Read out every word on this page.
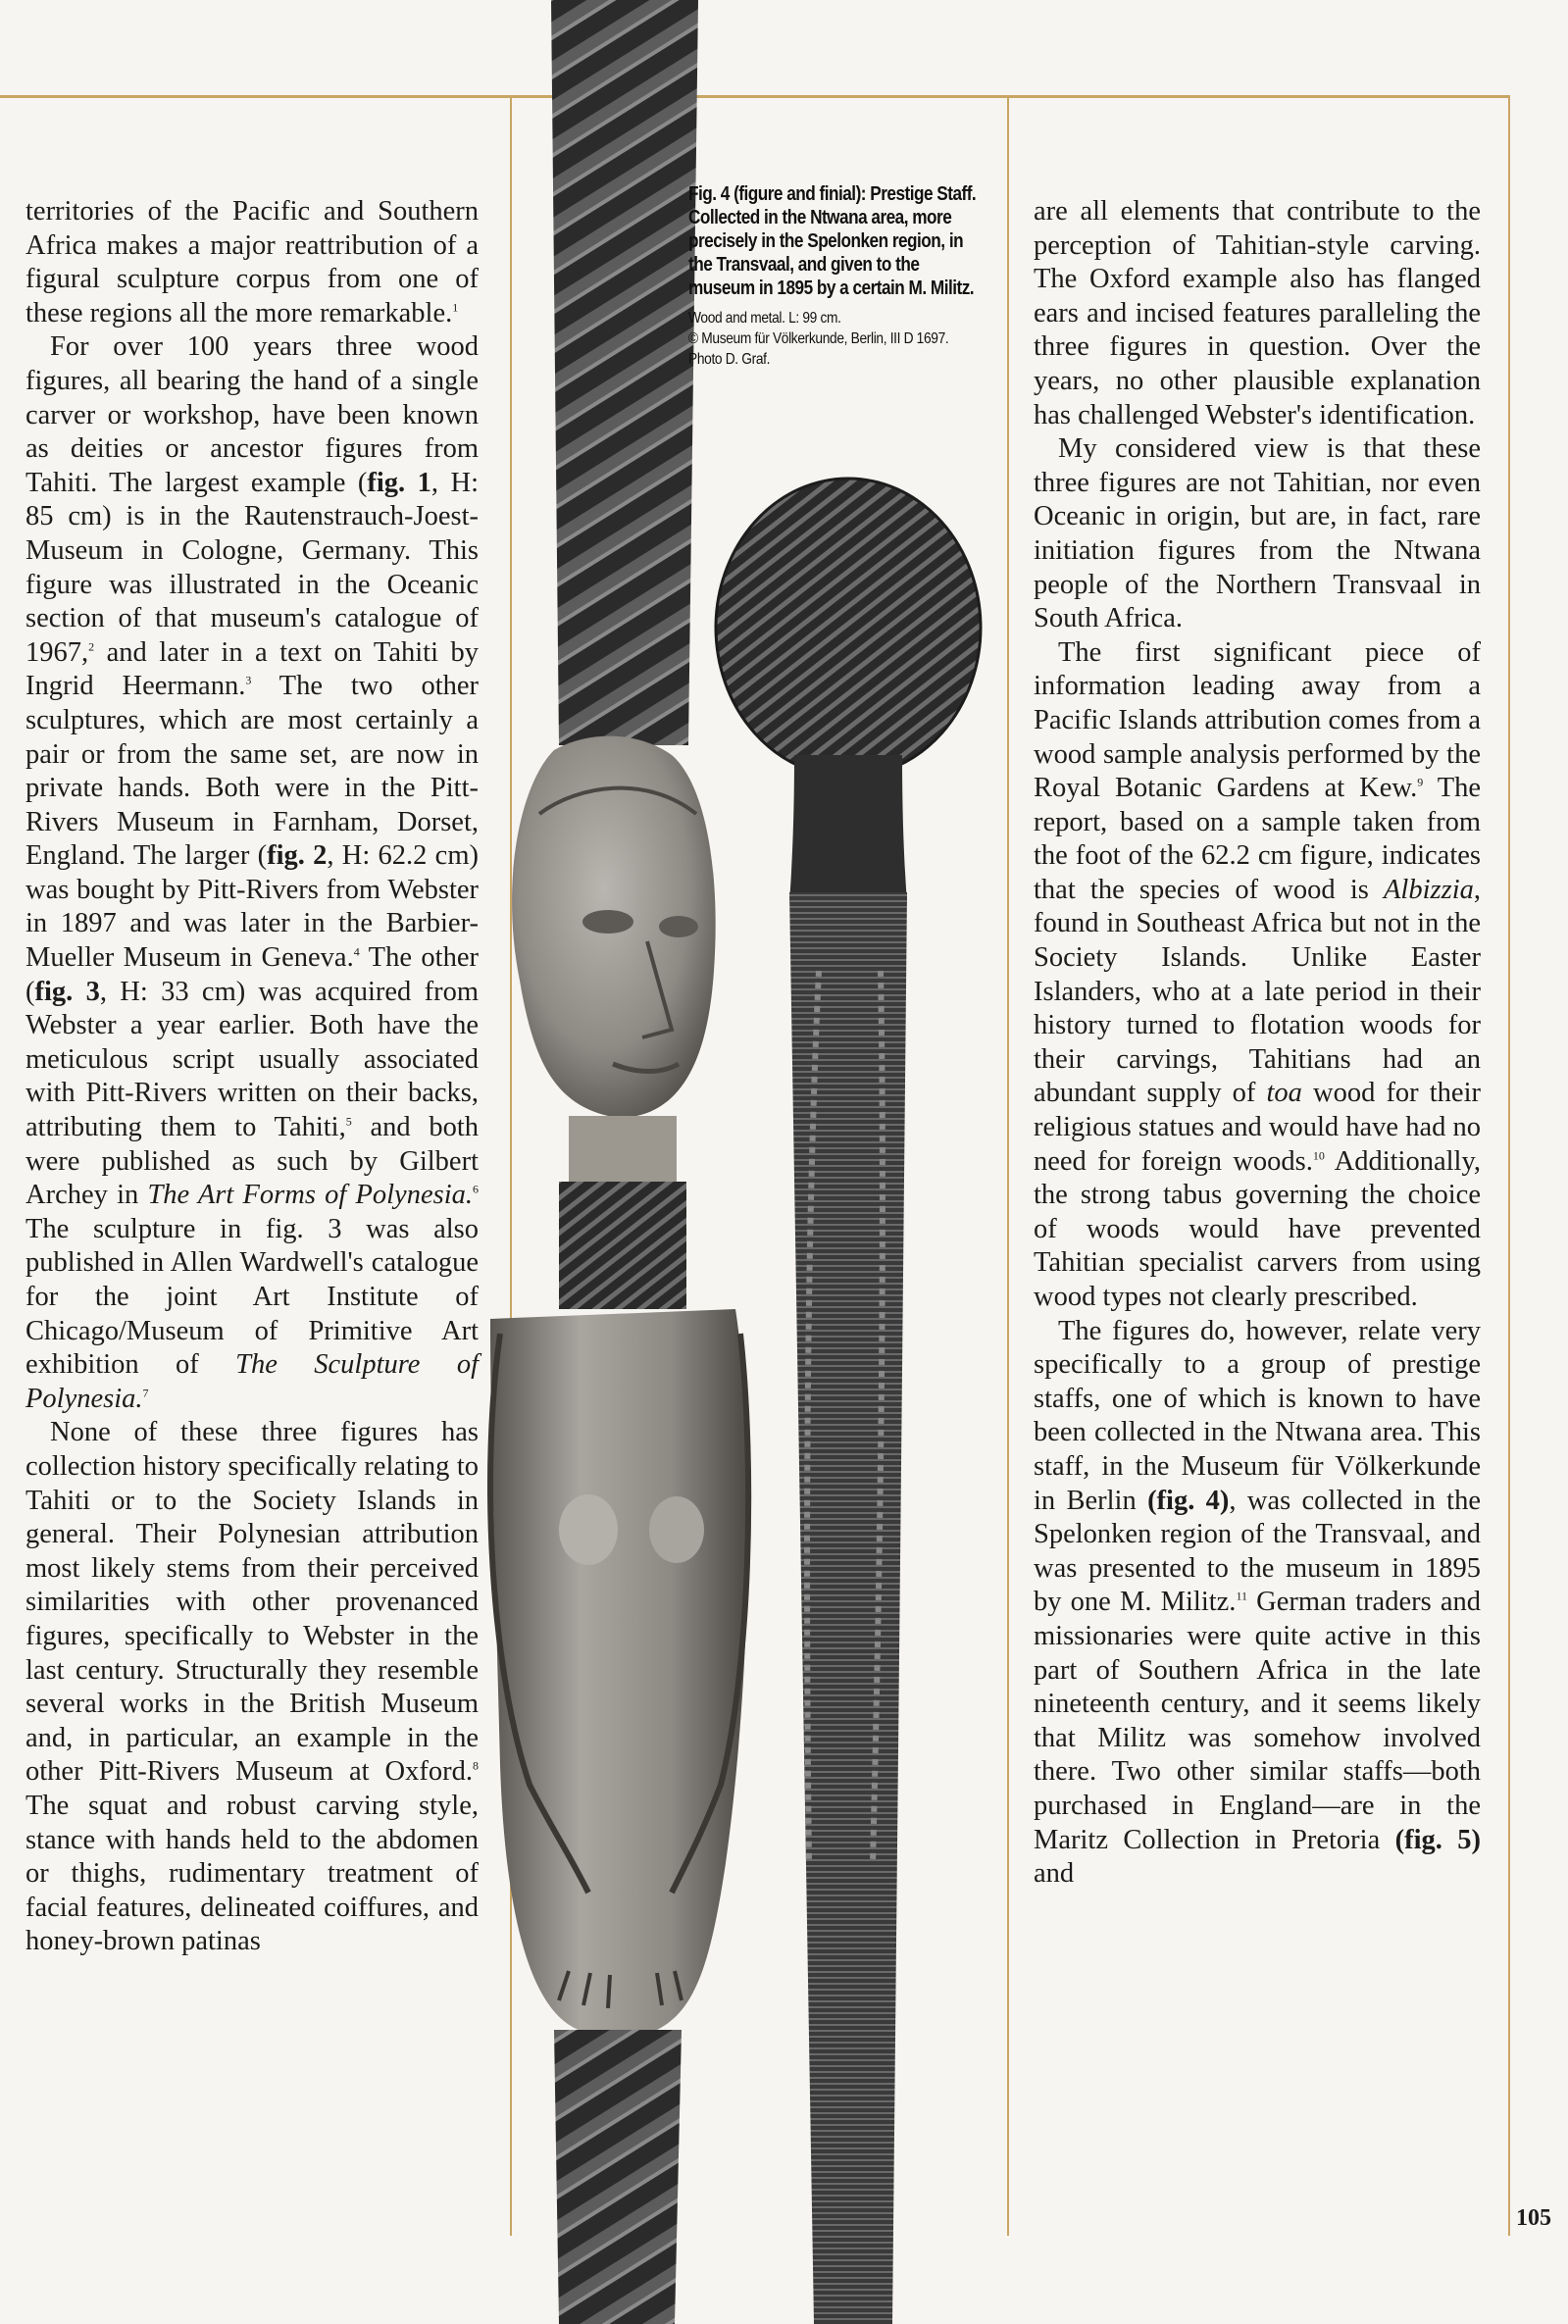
Fig. 4 (figure and finial): Prestige Staff. Collected in the Ntwana area, more precisely in the Spelonken region, in the Transvaal, and given to the museum in 1895 by a certain M. Militz.

Wood and metal. L: 99 cm.

© Museum für Völkerkunde, Berlin, III D 1697.

Photo D. Graf.

territories of the Pacific and Southern Africa makes a major reattribution of a figural sculpture corpus from one of these regions all the more remarkable.$^1$

For over 100 years three wood figures, all bearing the hand of a single carver or workshop, have been known as deities or ancestor figures from Tahiti. The largest example (fig. 1, H: 85 cm) is in the Rautenstrauch-Joest-Museum in Cologne, Germany. This figure was illustrated in the Oceanic section of that museum's catalogue of 1967,$^2$ and later in a text on Tahiti by Ingrid Heermann.$^3$ The two other sculptures, which are most certainly a pair or from the same set, are now in private hands. Both were in the Pitt-Rivers Museum in Farnham, Dorset, England. The larger (fig. 2, H: 62.2 cm) was bought by Pitt-Rivers from Webster in 1897 and was later in the Barbier-Mueller Museum in Geneva.$^4$ The other (fig. 3, H: 33 cm) was acquired from Webster a year earlier. Both have the meticulous script usually associated with Pitt-Rivers written on their backs, attributing them to Tahiti,$^5$ and both were published as such by Gilbert Archey in The Art Forms of Polynesia.$^6$ The sculpture in fig. 3 was also published in Allen Wardwell's catalogue for the joint Art Institute of Chicago/Museum of Primitive Art exhibition of The Sculpture of Polynesia.$^7$

None of these three figures has collection history specifically relating to Tahiti or to the Society Islands in general. Their Polynesian attribution most likely stems from their perceived similarities with other provenanced figures, specifically to Webster in the last century. Structurally they resemble several works in the British Museum and, in particular, an example in the other Pitt-Rivers Museum at Oxford.$^8$ The squat and robust carving style, stance with hands held to the abdomen or thighs, rudimentary treatment of facial features, delineated coiffures, and honey-brown patinas

are all elements that contribute to the perception of Tahitian-style carving. The Oxford example also has flanged ears and incised features paralleling the three figures in question. Over the years, no other plausible explanation has challenged Webster's identification.

My considered view is that these three figures are not Tahitian, nor even Oceanic in origin, but are, in fact, rare initiation figures from the Ntwana people of the Northern Transvaal in South Africa.

The first significant piece of information leading away from a Pacific Islands attribution comes from a wood sample analysis performed by the Royal Botanic Gardens at Kew.$^9$ The report, based on a sample taken from the foot of the 62.2 cm figure, indicates that the species of wood is Albizzia, found in Southeast Africa but not in the Society Islands. Unlike Easter Islanders, who at a late period in their history turned to flotation woods for their carvings, Tahitians had an abundant supply of toa wood for their religious statues and would have had no need for foreign woods.$^{10}$ Additionally, the strong tabus governing the choice of woods would have prevented Tahitian specialist carvers from using wood types not clearly prescribed.

The figures do, however, relate very specifically to a group of prestige staffs, one of which is known to have been collected in the Ntwana area. This staff, in the Museum für Völkerkunde in Berlin (fig. 4), was collected in the Spelonken region of the Transvaal, and was presented to the museum in 1895 by one M. Militz.$^{11}$ German traders and missionaries were quite active in this part of Southern Africa in the late nineteenth century, and it seems likely that Militz was somehow involved there. Two other similar staffs—both purchased in England—are in the Maritz Collection in Pretoria (fig. 5) and

105
